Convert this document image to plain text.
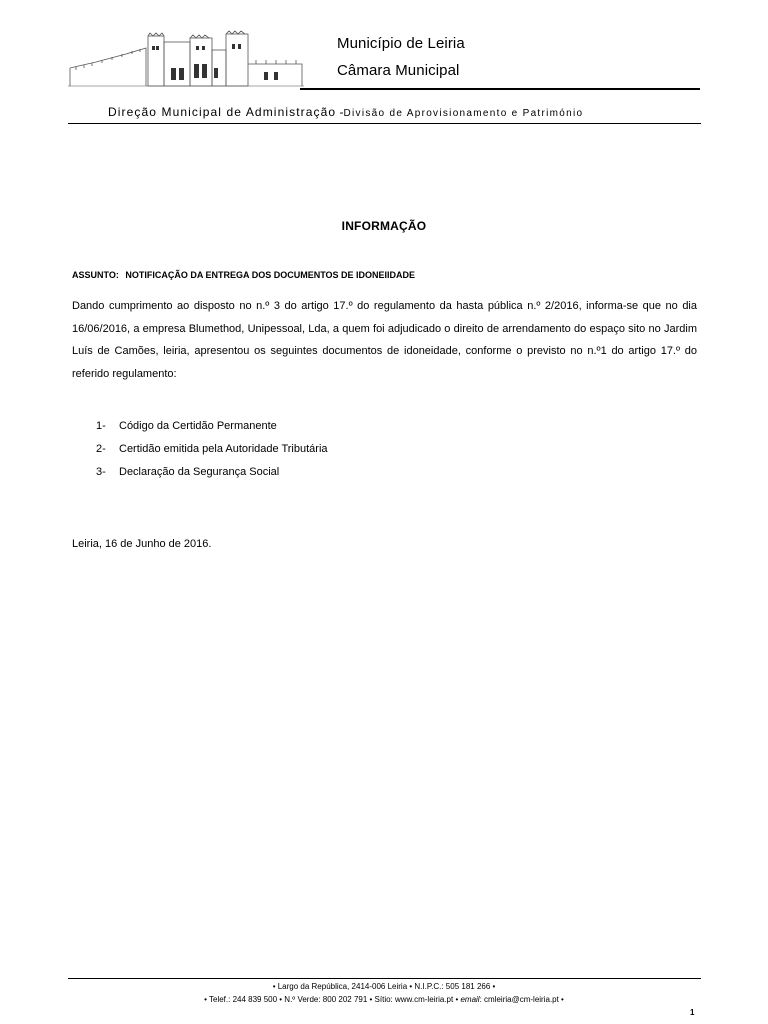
Município de Leiria
Câmara Municipal
Direção Municipal de Administração -Divisão de Aprovisionamento e Património
INFORMAÇÃO
ASSUNTO: NOTIFICAÇÃO DA ENTREGA DOS DOCUMENTOS DE IDONEIIDADE
Dando cumprimento ao disposto no n.º 3 do artigo 17.º do regulamento da hasta pública n.º 2/2016, informa-se que no dia 16/06/2016, a empresa Blumethod, Unipessoal, Lda, a quem foi adjudicado o direito de arrendamento do espaço sito no Jardim Luís de Camões, leiria, apresentou os seguintes documentos de idoneidade, conforme o previsto no n.º1 do artigo 17.º do referido regulamento:
1- Código da Certidão Permanente
2- Certidão emitida pela Autoridade Tributária
3- Declaração da Segurança Social
Leiria, 16 de Junho de 2016.
• Largo da República, 2414-006 Leiria • N.I.P.C.: 505 181 266 •
• Telef.: 244 839 500 • N.º Verde: 800 202 791 • Sítio: www.cm-leiria.pt • email: cmleiria@cm-leiria.pt •
1
